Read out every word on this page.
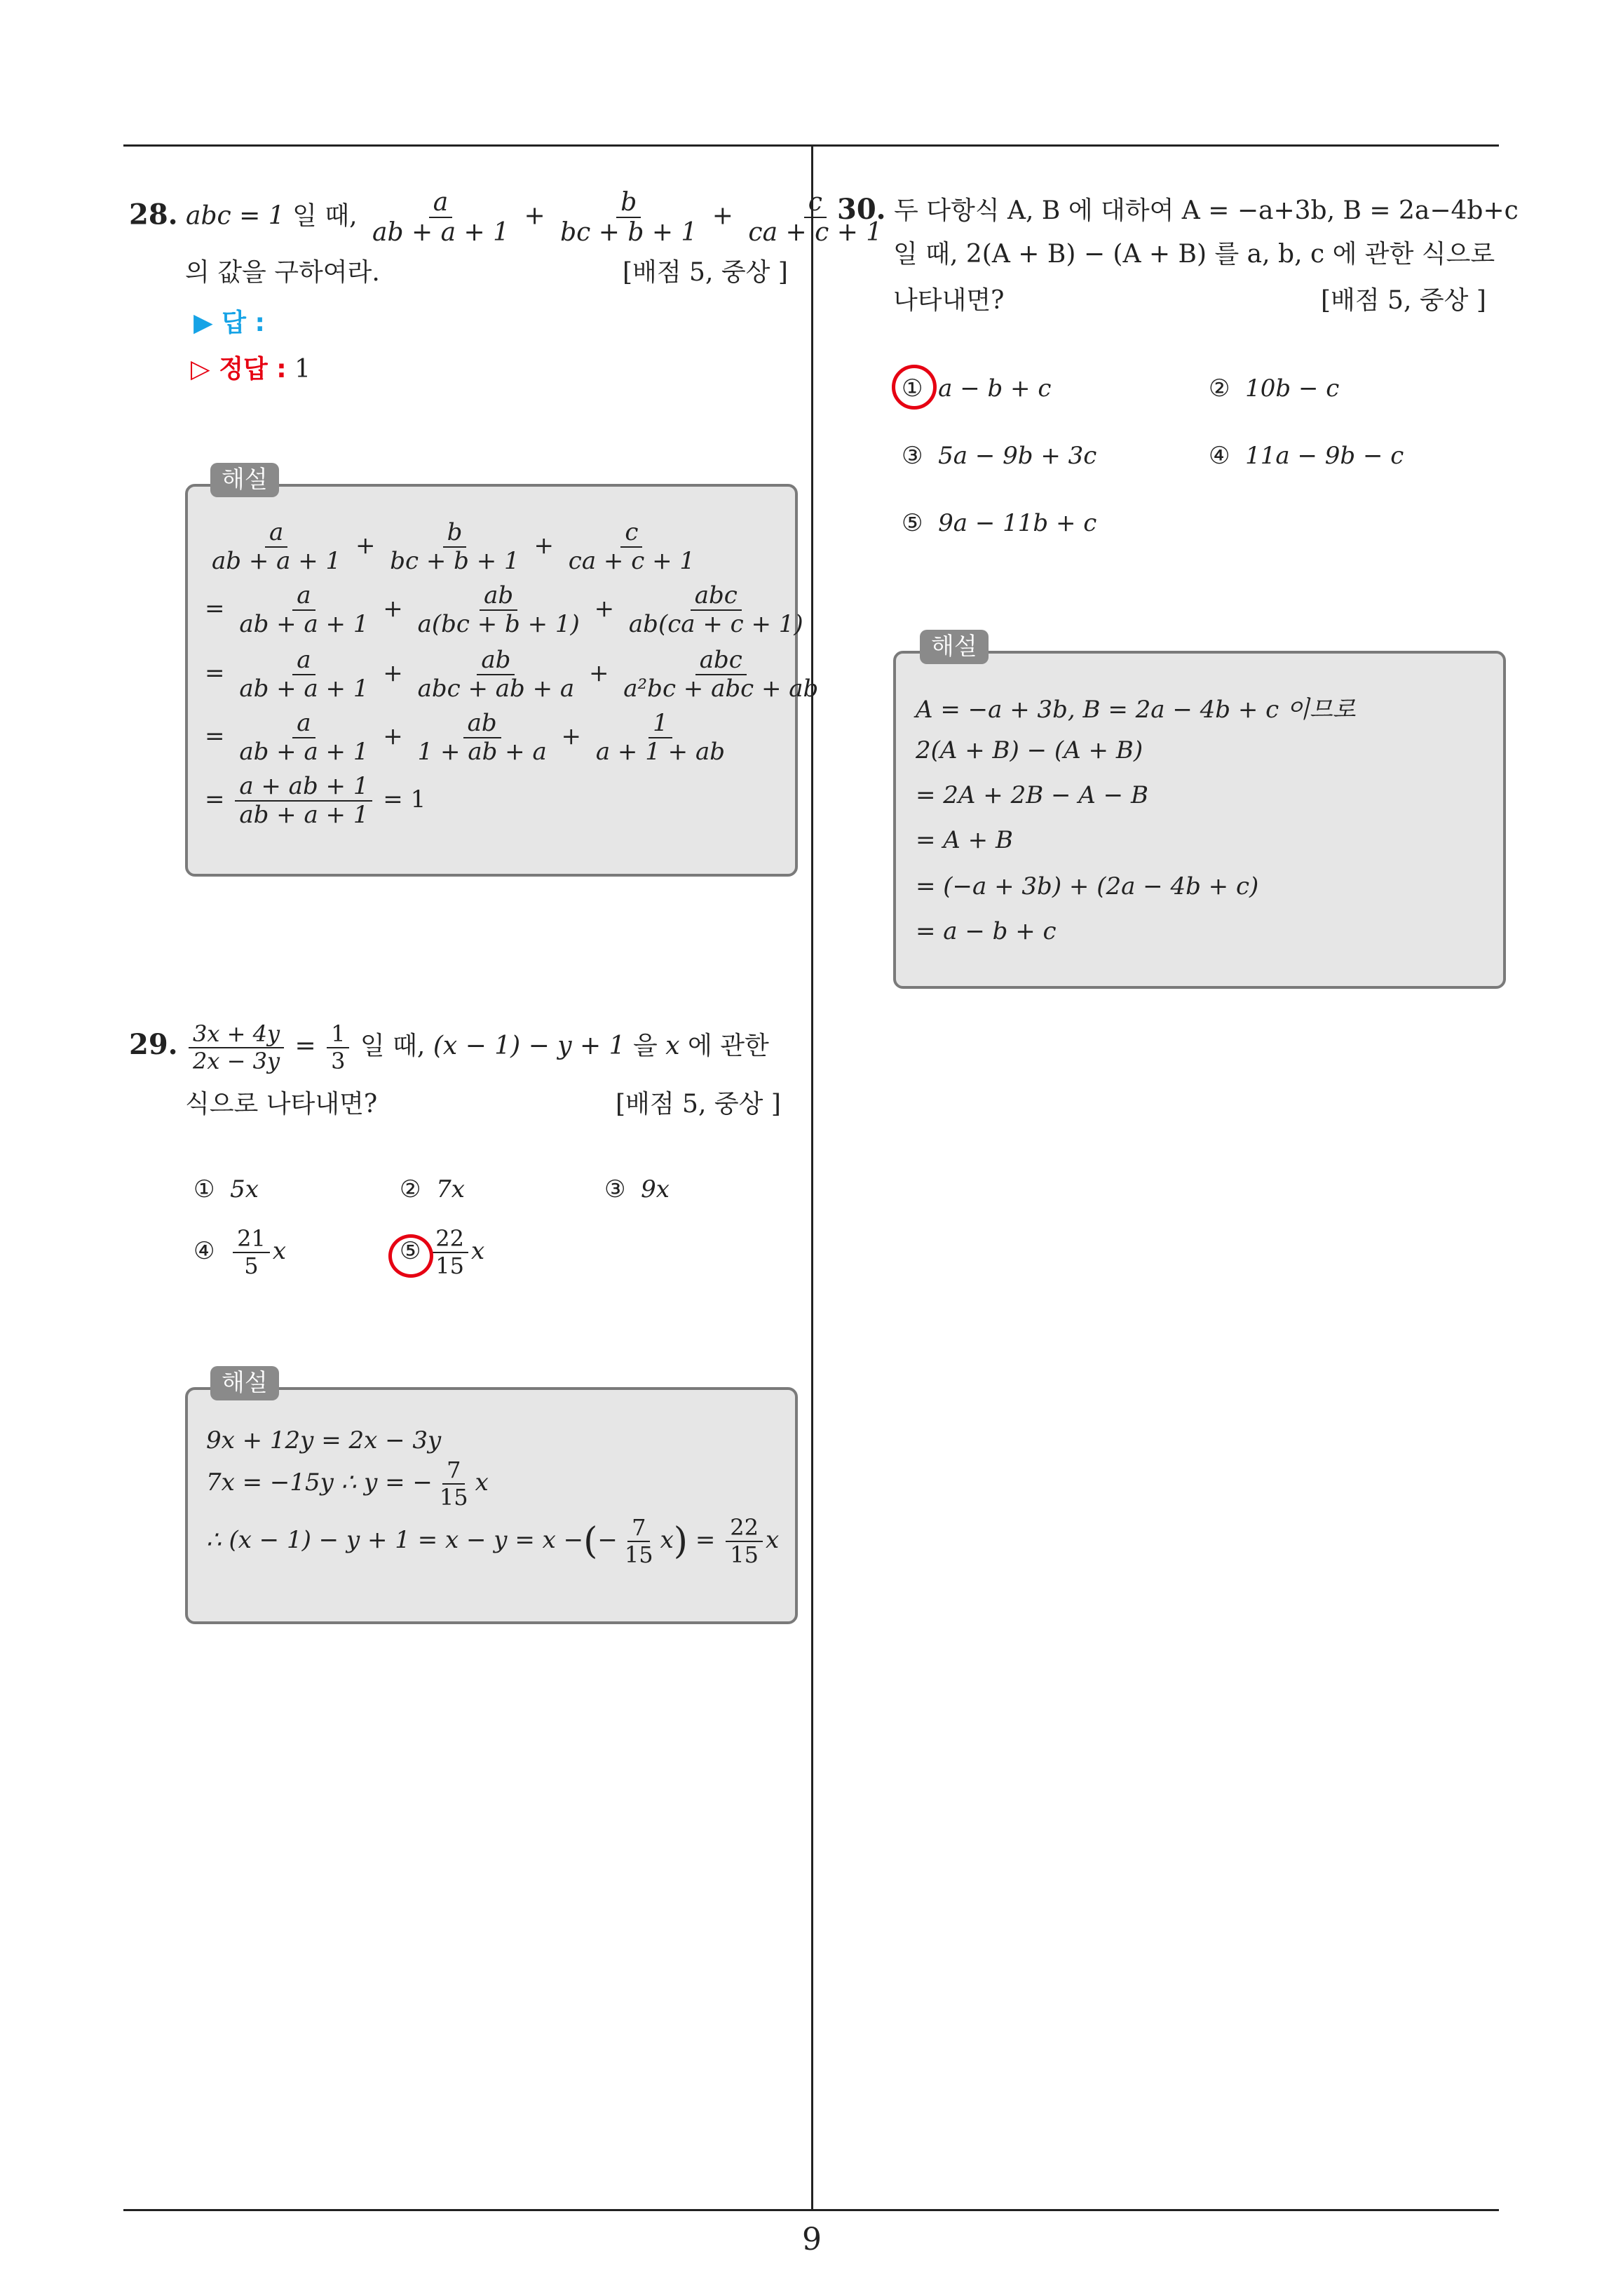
9
28. abc = 1 일 때, $\frac{a}{ab + a + 1} + \frac{b}{bc + b + 1} + \frac{c}{ca + c + 1}$
의 값을 구하여라.	[배점 5, 중상 ]
▶ 답 :
▷ 정답 : 1
해설
$\frac{a}{ab + a + 1} + \frac{b}{bc + b + 1} + \frac{c}{ca + c + 1}$
= $\frac{a}{ab + a + 1} + \frac{ab}{a(bc + b + 1)} + \frac{\text{abc}}{ab(ca + c + 1)}$
= $\frac{a}{ab + a + 1} + \frac{ab}{\text{abc + ab + a}} + \frac{\text{abc}}{\text{a²bc + abc + ab}}$
= $\frac{a}{ab + a + 1} + \frac{ab}{1 + ab + a} + \frac{1}{a + 1 + ab}$
= $\frac{a + ab + 1}{ab + a + 1} = 1$
29. $\frac{3x + 4y}{2x - 3y} = \frac{1}{3}$ 일 때, (x − 1) − y + 1 을 x 에 관한
식으로 나타내면?	[배점 5, 중상 ]
① 5x	② 7x	③ 9x
④ $\frac{21}{5}$ x	⑤ $\frac{22}{15}$ x
해설
9x + 12y = 2x − 3y
7x = −15y ∴ y = − $\frac{7}{15}$ x
∴ (x − 1) − y + 1 = x − y = x −(− $\frac{7}{15} x) = \frac{22}{15}$ x
30. 두 다항식 A, B 에 대하여 A = −a+3b, B = 2a−4b+c
일 때, 2(A + B) − (A + B) 를 a, b, c 에 관한 식으로
나타내면?	[배점 5, 중상 ]
① a − b + c	② 10b − c
③ 5a − 9b + 3c	④ 11a − 9b − c
⑤ 9a − 11b + c
해설
A = −a + 3b, B = 2a − 4b + c 이므로
2(A + B) − (A + B)
= 2A + 2B − A − B
= A + B
= (−a + 3b) + (2a − 4b + c)
= a − b + c
